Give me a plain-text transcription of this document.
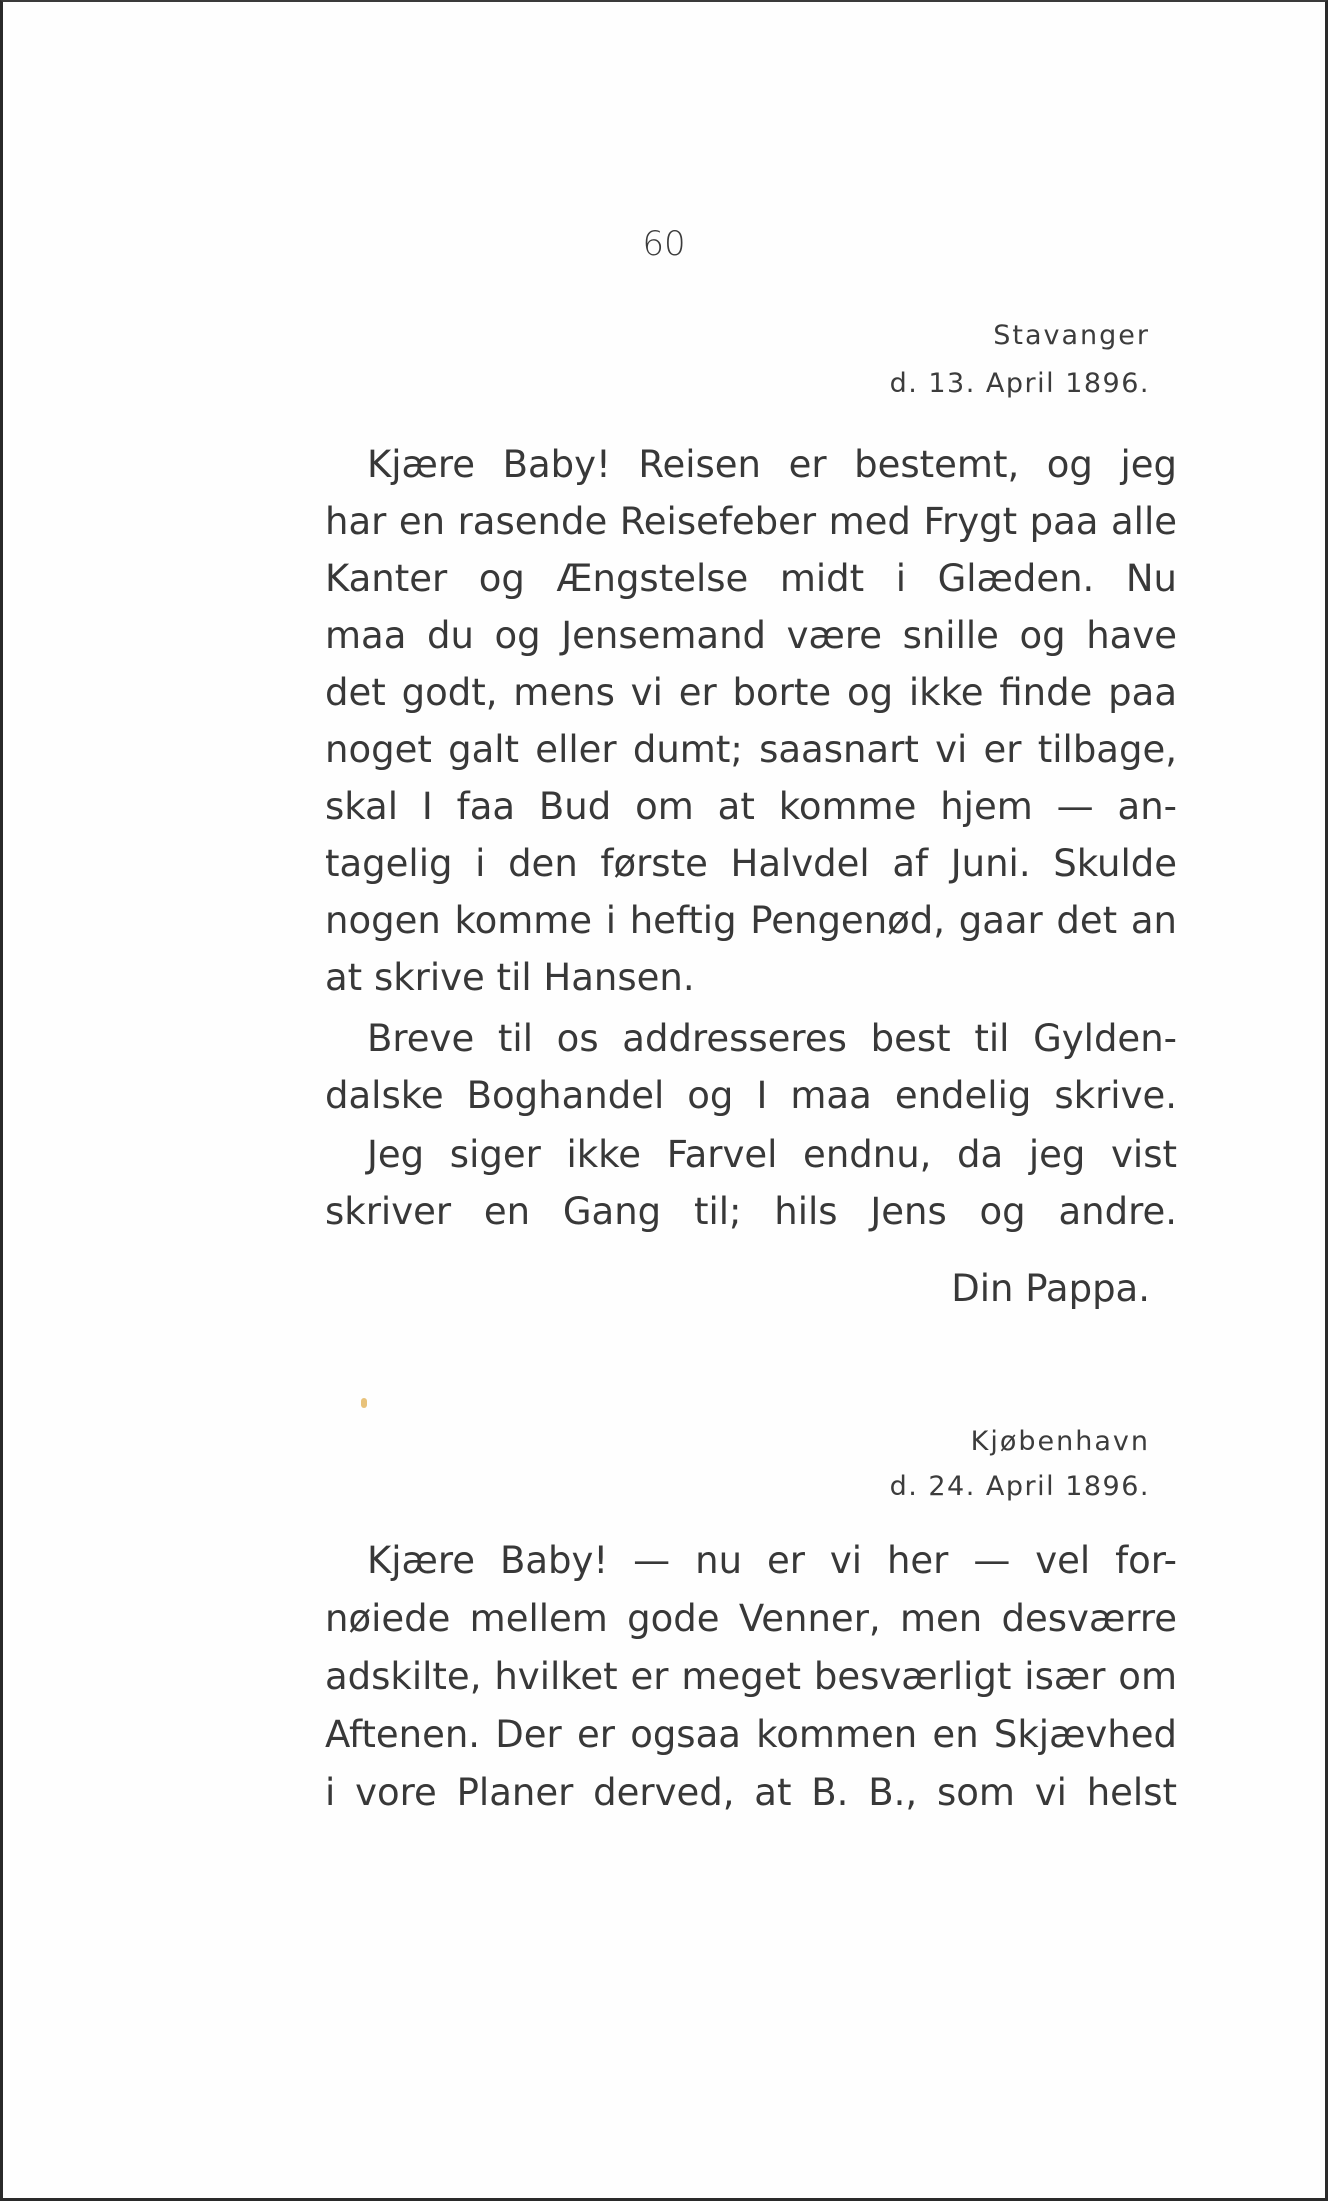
60
Stavanger
d. 13. April 1896.
Kjære Baby! Reisen er bestemt, og jeg
har en rasende Reisefeber med Frygt paa alle
Kanter og Ængstelse midt i Glæden. Nu
maa du og Jensemand være snille og have
det godt, mens vi er borte og ikke finde paa
noget galt eller dumt; saasnart vi er tilbage,
skal I faa Bud om at komme hjem — an-
tagelig i den første Halvdel af Juni. Skulde
nogen komme i heftig Pengenød, gaar det an
at skrive til Hansen.
Breve til os addresseres best til Gylden-
dalske Boghandel og I maa endelig skrive.
Jeg siger ikke Farvel endnu, da jeg vist
skriver en Gang til; hils Jens og andre.
Din Pappa.
Kjøbenhavn
d. 24. April 1896.
Kjære Baby! — nu er vi her — vel for-
nøiede mellem gode Venner, men desværre
adskilte, hvilket er meget besværligt især om
Aftenen. Der er ogsaa kommen en Skjævhed
i vore Planer derved, at B. B., som vi helst
